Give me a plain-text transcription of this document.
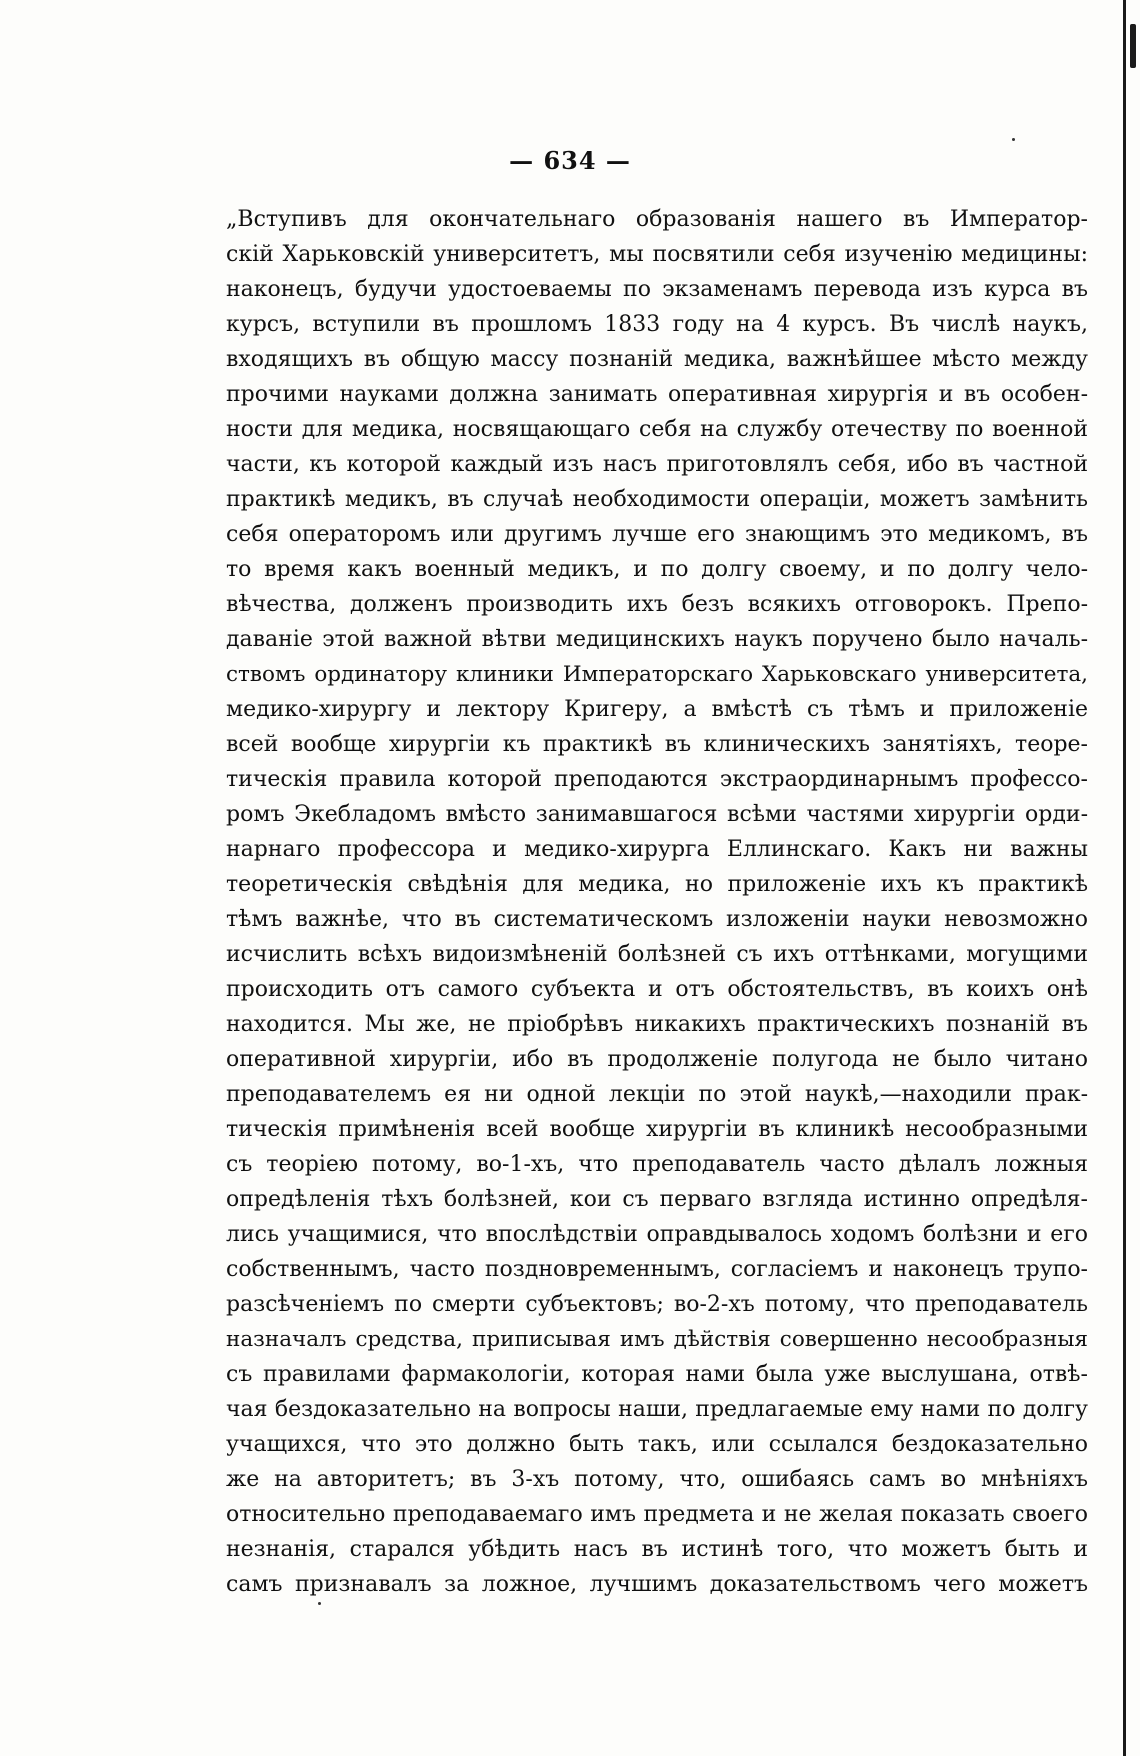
— 634 —
„Вступивъ для окончательнаго образованія нашего въ Император-
скій Харьковскій университетъ, мы посвятили себя изученію медицины:
наконецъ, будучи удостоеваемы по экзаменамъ перевода изъ курса въ
курсъ, вступили въ прошломъ 1833 году на 4 курсъ. Въ числѣ наукъ,
входящихъ въ общую массу познаній медика, важнѣйшее мѣсто между
прочими науками должна занимать оперативная хирургія и въ особен-
ности для медика, носвящающаго себя на службу отечеству по военной
части, къ которой каждый изъ насъ приготовлялъ себя, ибо въ частной
практикѣ медикъ, въ случаѣ необходимости операціи, можетъ замѣнить
себя операторомъ или другимъ лучше его знающимъ это медикомъ, въ
то время какъ военный медикъ, и по долгу своему, и по долгу чело-
вѣчества, долженъ производить ихъ безъ всякихъ отговорокъ. Препо-
даваніе этой важной вѣтви медицинскихъ наукъ поручено было началь-
ствомъ ординатору клиники Императорскаго Харьковскаго университета,
медико-хирургу и лектору Кригеру, а вмѣстѣ съ тѣмъ и приложеніе
всей вообще хирургіи къ практикѣ въ клиническихъ занятіяхъ, теоре-
тическія правила которой преподаются экстраординарнымъ профессо-
ромъ Экебладомъ вмѣсто занимавшагося всѣми частями хирургіи орди-
нарнаго профессора и медико-хирурга Еллинскаго. Какъ ни важны
теоретическія свѣдѣнія для медика, но приложеніе ихъ къ практикѣ
тѣмъ важнѣе, что въ систематическомъ изложеніи науки невозможно
исчислить всѣхъ видоизмѣненій болѣзней съ ихъ оттѣнками, могущими
происходить отъ самого субъекта и отъ обстоятельствъ, въ коихъ онѣ
находится. Мы же, не пріобрѣвъ никакихъ практическихъ познаній въ
оперативной хирургіи, ибо въ продолженіе полугода не было читано
преподавателемъ ея ни одной лекціи по этой наукѣ,—находили прак-
тическія примѣненія всей вообще хирургіи въ клиникѣ несообразными
съ теоріею потому, во-1-хъ, что преподаватель часто дѣлалъ ложныя
опредѣленія тѣхъ болѣзней, кои съ перваго взгляда истинно опредѣля-
лись учащимися, что впослѣдствіи оправдывалось ходомъ болѣзни и его
собственнымъ, часто поздновременнымъ, согласіемъ и наконецъ трупо-
разсѣченіемъ по смерти субъектовъ; во-2-хъ потому, что преподаватель
назначалъ средства, приписывая имъ дѣйствія совершенно несообразныя
съ правилами фармакологіи, которая нами была уже выслушана, отвѣ-
чая бездоказательно на вопросы наши, предлагаемые ему нами по долгу
учащихся, что это должно быть такъ, или ссылался бездоказательно
же на авторитетъ; въ 3-хъ потому, что, ошибаясь самъ во мнѣніяхъ
относительно преподаваемаго имъ предмета и не желая показать своего
незнанія, старался убѣдить насъ въ истинѣ того, что можетъ быть и
самъ признавалъ за ложное, лучшимъ доказательствомъ чего можетъ
